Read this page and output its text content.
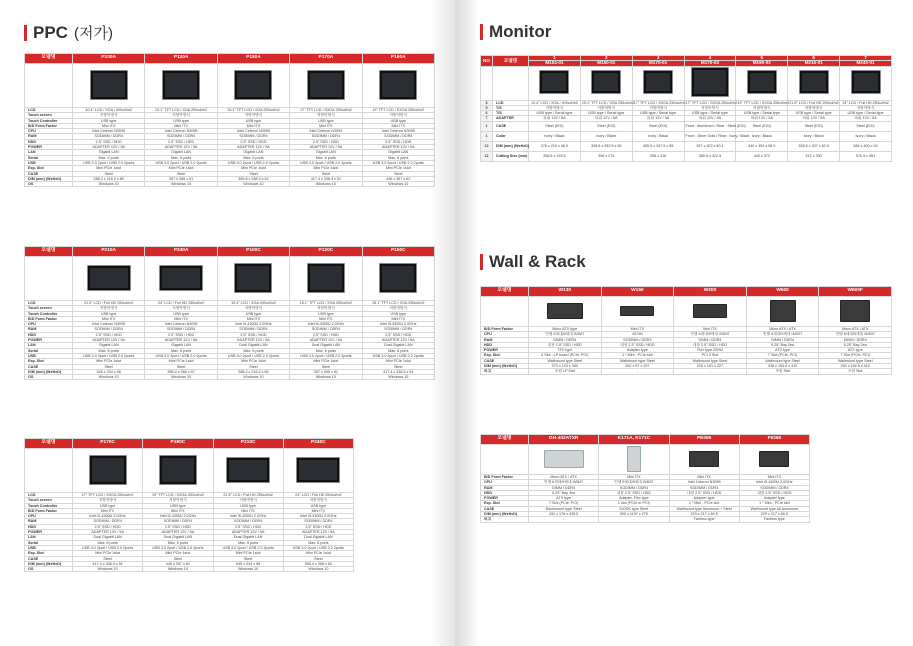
PPC (저가)
모델명	P100A	P120A	P150A	P170A	P190A

LCD	10.4" LCD / XGA / 400cd/m2	15.1" TFT LCD / XGA 250cd/m2	15.1" TFT LCD / XGA 250cd/m2	17" TFT LCD / SXGA 250cd/m2	19" TFT LCD / SXGA 250cd/m2
Touch screen	저항막방식	저항막방식	저항막방식	저항막방식	저항막방식
Touch Controller	USB type	USB type	USB type	USB type	USB type
B/D Form Factor	Mini ITX	Mini ITX	Mini ITX	Mini ITX	Mini ITX
CPU	Intel Celeron N3095	Intel Celeron N3095	Intel Celeron N3095	Intel Celeron N3095	Intel Celeron N3095
RAM	SODIMM / DDR4	SODIMM / DDR4	SODIMM / DDR4	SODIMM / DDR4	SODIMM / DDR4
HDD	2.5" SSD / HDD	2.5" SSD / HDD	2.5" SSD / HDD	2.5" SSD / HDD	2.5" SSD / HDD
POWER	ADAPTER 12V / 5A	ADAPTER 12V / 5A	ADAPTER 12V / 5A	ADAPTER 12V / 5A	ADAPTER 12V / 5A
LAN	Gigabit LAN	Gigabit LAN	Gigabit LAN	Gigabit LAN	Gigabit LAN
Serial	Max. 6 ports	Max. 6 ports	Max. 6 ports	Max. 6 ports	Max. 6 ports
USB	USB 3.0 2port / USB 2.0 2ports	USB 3.0 2port / USB 2.0 2ports	USB 3.0 2port / USB 2.0 2ports	USB 3.0 2port / USB 2.0 2ports	USB 3.0 2port / USB 2.0 2ports
Exp. Slot	Mini PCIe 1slot	Mini PCIe 1slot	Mini PCIe 1slot	Mini PCIe 1slot	Mini PCIe 1slot
CASE	Steel	Steel	Steel	Steel	Steel
DIM (mm) (WxHxD)	288.2 x 216.2 x 80	357 x 265 x 61	389.8 x 288.3 x 62	417.4 x 338.3 x 51	446 x 357 x 62
OS	Windows 10	Windows 10	Windows 10	Windows 10	Windows 10
모델명	P210A	P240A	P100C	P120C	P150C

LCD	21.5" LCD / Full HD 250cd/m2	24" LCD / Full HD 250cd/m2	10.4" LCD / XGA 400cd/m2	15.1" TFT LCD / XGA 250cd/m2	15.1" TFT LCD / XGA 250cd/m2
Touch screen	저항막방식	저항막방식	저항막방식	저항막방식	저항막방식
Touch Controller	USB type	USB type	USB type	USB type	USB type
B/D Form Factor	Mini ITX	Mini ITX	Mini ITX	Mini ITX	Mini ITX
CPU	Intel Celeron N3095	Intel Celeron N3095	Intel i5-4300U 2.0GHz	Intel i5-4300U 2.0GHz	Intel i5-4300U 2.0GHz
RAM	SODIMM / DDR4	SODIMM / DDR4	SODIMM / DDR4	SODIMM / DDR4	SODIMM / DDR4
HDD	2.5" SSD / HDD	2.5" SSD / HDD	2.5" SSD / HDD	2.5" SSD / HDD	2.5" SSD / HDD
POWER	ADAPTER 12V / 5A	ADAPTER 12V / 5A	ADAPTER 12V / 5A	ADAPTER 12V / 5A	ADAPTER 12V / 5A
LAN	Gigabit LAN	Gigabit LAN	Dual Gigabit LAN	Dual Gigabit LAN	Dual Gigabit LAN
Serial	Max. 6 ports	Max. 6 ports	Max. 6 ports	Max. 6 ports	Max. 6 ports
USB	USB 3.0 2port / USB 2.0 2ports	USB 3.0 2port / USB 2.0 2ports	USB 3.0 2port / USB 2.0 2ports	USB 3.0 2port / USB 2.0 2ports	USB 3.0 2port / USB 2.0 2ports
Exp. Slot	Mini PCIe 1slot	Mini PCIe 1slot	Mini PCIe 1slot	Mini PCIe 1slot	Mini PCIe 1slot
CASE	Steel	Steel	Steel	Steel	Steel
DIM (mm) (WxHxD)	545 x 334 x 58	595.4 x 368 x 57	288.2 x 216.2 x 80	357 x 265 x 61	417.4 x 338.3 x 51
OS	Windows 10	Windows 10	Windows 10	Windows 10	Windows 10
모델명	P170C	P190C	P210C	P240C

LCD	17" TFT LCD / SXGA 250cd/m2	19" TFT LCD / SXGA 250cd/m2	21.5" LCD / Full HD 250cd/m2	24" LCD / Full HD 250cd/m2
Touch screen	저항막방식	저항막방식	저항막방식	저항막방식
Touch Controller	USB type	USB type	USB type	USB type
B/D Form Factor	Mini ITX	Mini ITX	Mini ITX	Mini ITX
CPU	Intel i5-4300U 2.0GHz	Intel i5-4300U 2.0GHz	Intel i5-4300U 2.0GHz	Intel i5-4300U 2.0GHz
RAM	SODIMM / DDR4	SODIMM / DDR4	SODIMM / DDR4	SODIMM / DDR4
HDD	2.5" SSD / HDD	2.5" SSD / HDD	2.5" SSD / HDD	2.5" SSD / HDD
POWER	ADAPTER 12V / 5A	ADAPTER 12V / 5A	ADAPTER 12V / 5A	ADAPTER 12V / 5A
LAN	Dual Gigabit LAN	Dual Gigabit LAN	Dual Gigabit LAN	Dual Gigabit LAN
Serial	Max. 6 ports	Max. 6 ports	Max. 6 ports	Max. 6 ports
USB	USB 3.0 2port / USB 2.0 2ports	USB 3.0 2port / USB 2.0 2ports	USB 3.0 2port / USB 2.0 2ports	USB 3.0 2port / USB 2.0 2ports
Exp. Slot	Mini PCIe 1slot	Mini PCIe 1slot	Mini PCIe 1slot	Mini PCIe 1slot
CASE	Steel	Steel	Steel	Steel
DIM (mm) (WxHxD)	417.4 x 338.3 x 51	446 x 357 x 62	545 x 334 x 58	595.4 x 368 x 62
OS	Windows 10	Windows 10	Windows 10	Windows 10
Monitor
NO	모델명	1	2	3	4	5	6	7
		M104-01	M150-01	M170-01	M170-02	M190-02	M215-01	M240-01

3	LCD	10.4" LCD / XGA / 400cd/m2	15.1" TFT LCD / XGA 250cd/m2	17" TFT LCD / SXGA 250cd/m2	17" TFT LCD / SXGA 250cd/m2	19" TFT LCD / SXGA 250cd/m2	21.5" LCD / Full HD 250cd/m2	24" LCD / Full HD 250cd/m2
5	T/S	저항막방식	저항막방식	저항막방식	저항막방식	저항막방식	저항막방식	저항막방식
6	T/S	USB type / Serial type	USB type / Serial type	USB type / Serial type	USB type / Serial type	USB type / Serial type	USB type / Serial type	USB type / Serial type
7	ADAPTER	파워 12V / 5A	파워 12V / 5A	파워 12V / 5A	파워 12V / 5A	파워 12V / 5A	파워 12V / 5A	파워 12V / 5A
1	CASE	Steel (EGI)	Steel (EGI)	Steel (EGI)	Front : Aluminum / Rear : Steel (EGI)	Steel (EGI)	Steel (EGI)	Steel (EGI)
1	Color	Ivory / Black	Ivory / Black	Ivory / Black	Front : Silver Gold / Rear : Ivory / Black	Ivory / Black	Ivory / Black	Ivory / Black
12	DIM (mm) (WxHxD)	276 x 212 x 46.5	308.5 x 252.5 x 55	405.5 x 337.5 x 55	397 x 322 x 60.1	440 x 352 x 58.5	526.5 x 337 x 62.5	584 x 400 x 54
12	Cutting Size (mm)	256.5 x 192.5	356 x 274	396 x 316	380.5 x 322.5	440 x 372	512 x 300	570.5 x 361
Wall & Rack
모델명	W130	W150	W200	W600	W600F

B/D Form Factor	Micro ATX type	Mini ITX	Mini ITX	Micro ATX / ATX	Micro ATX / ATX
CPU	인텔 6세대/9세대 i3/i5/i7	ATOM	인텔 6세대/9세대 i3/i5/i7	인텔 6세대/9세대 i3/i5/i7	인텔 6세대/9세대 i3/i5/i7
RAM	DIMM / DDR4	SODIMM / DDR3	DIMM / DDR4	DIMM / DDR4	DIMM / DDR4
HDD	내장 2.5" SSD / HDD	내장 2.5" SSD / HDD	내장 2.5" SSD / HDD	5.25" Bay 2ea	5.25" Bay 2ea
POWER	TFX type	Adapter type	Flex type 200W	ATX type	ATX type
Exp. Slot	4 Slot : LP board (PCIe, PCI)	1 * Mini - PCIe slot	PCI 2 Slot	7 Slot (PCIe, PCI)	7 Slot (PCIe, PCI)
CASE	Wallmount type Steel	Wallmount type Steel	Wallmount type Steel	Wallmount type Steel	Wallmount type Steel
DIM (mm) (WxHxD)	373 x 103 x 300	262 x 57 x 207	216 x 101 x 227	338 x 194.5 x 410	330 x 194.5 x 410
비고	조립 LP Slot	-	-	조립 Slot	조립 Slot
모델명	GH-402ATXR	K171A, K171C	PE095	F6360

B/D Form Factor	Micro ATX / ATX	Mini ITX	Mini ITX	Mini ITX
CPU	인텔 6세대/9세대 i3/i5/i7	인텔 6세대/9세대 i3/i5/i7	Intel Celeron N3095	Intel i5-4300U 2.0GHz
RAM	DIMM / DDR4	SODIMM / DDR4	SODIMM / DDR4	SODIMM / DDR4
HDD	5.25" Bay 3ea	내장 2.5" SSD / HDD	내장 2.5" SSD / HDD	내장 2.5" SSD / HDD
POWER	ATX type	Adapter, Flex type	Adapter type	Adapter type
Exp. Slot	7 Slot (PCIe, PCI)	1 slot (PCIe or PCI)	1 * Mini - PCIe slot	1 * Mini - PCIe slot
CASE	Rackmount type Steel	KIOSK type Steel	Wallmount type Aluminum + Steel	Wallmount type All Aluminum
DIM (mm) (WxHxD)	431 x 176 x 435.5	500 x 1197 x 270	220 x 217 x 60.5	220 x 217 x 60.5
비고	-	-	Fanless type	Fanless type
